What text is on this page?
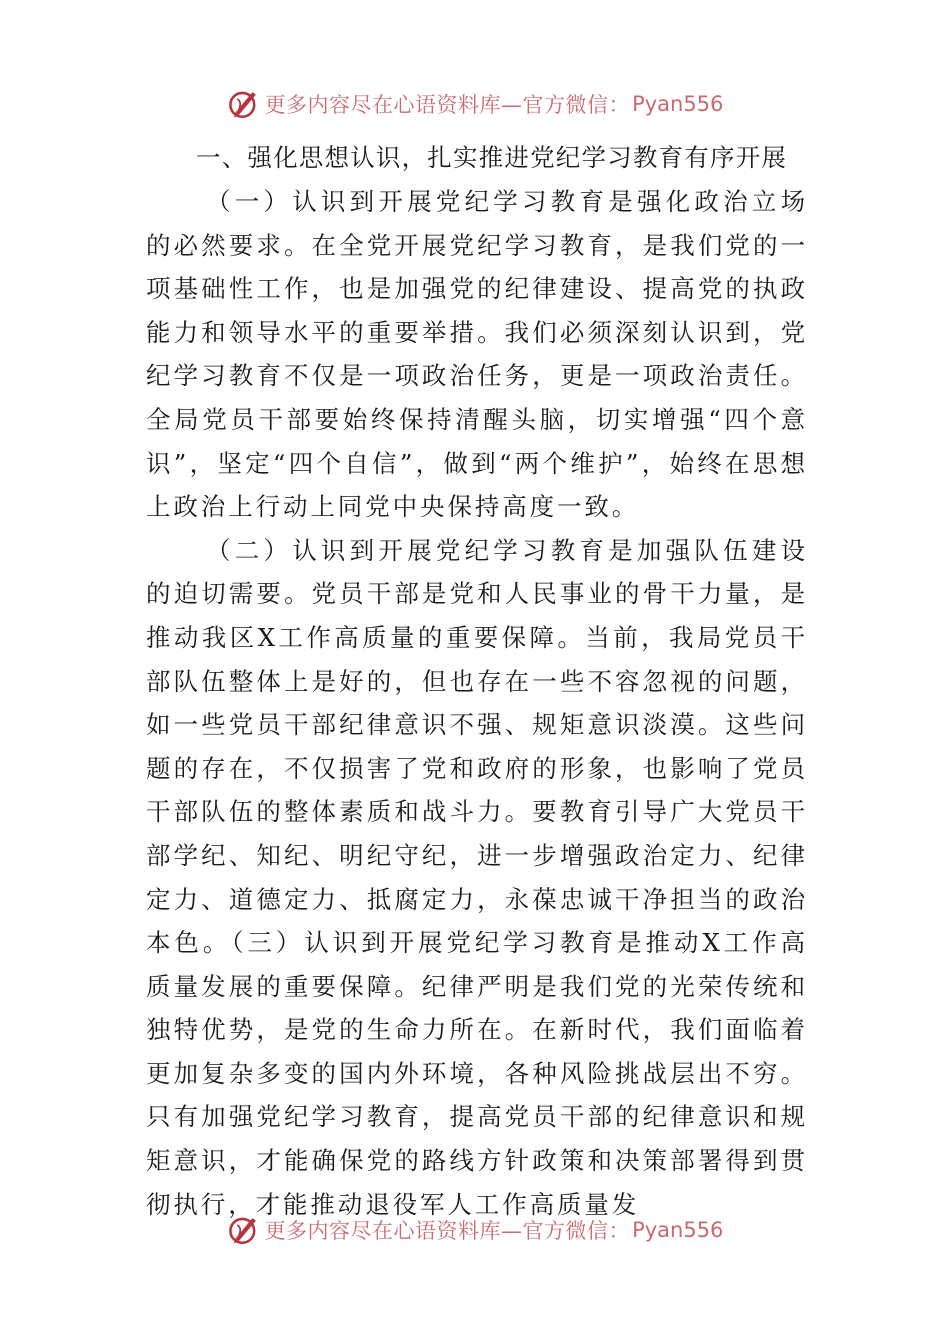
更多内容尽在心语资料库—官方微信： Pyan556

一、强化思想认识，扎实推进党纪学习教育有序开展

（一）认识到开展党纪学习教育是强化政治立场的必然要求。在全党开展党纪学习教育，是我们党的一项基础性工作，也是加强党的纪律建设、提高党的执政能力和领导水平的重要举措。我们必须深刻认识到，党纪学习教育不仅是一项政治任务，更是一项政治责任。全局党员干部要始终保持清醒头脑，切实增强“四个意识”，坚定“四个自信”，做到“两个维护”，始终在思想上政治上行动上同党中央保持高度一致。

（二）认识到开展党纪学习教育是加强队伍建设的迫切需要。党员干部是党和人民事业的骨干力量，是推动我区X工作高质量的重要保障。当前，我局党员干部队伍整体上是好的，但也存在一些不容忽视的问题，如一些党员干部纪律意识不强、规矩意识淡漠。这些问题的存在，不仅损害了党和政府的形象，也影响了党员干部队伍的整体素质和战斗力。要教育引导广大党员干部学纪、知纪、明纪守纪，进一步增强政治定力、纪律定力、道德定力、抵腐定力，永葆忠诚干净担当的政治本色。（三）认识到开展党纪学习教育是推动X工作高质量发展的重要保障。纪律严明是我们党的光荣传统和独特优势，是党的生命力所在。在新时代，我们面临着更加复杂多变的国内外环境，各种风险挑战层出不穷。只有加强党纪学习教育，提高党员干部的纪律意识和规矩意识，才能确保党的路线方针政策和决策部署得到贯彻执行，才能推动退役军人工作高质量发

更多内容尽在心语资料库—官方微信： Pyan556
